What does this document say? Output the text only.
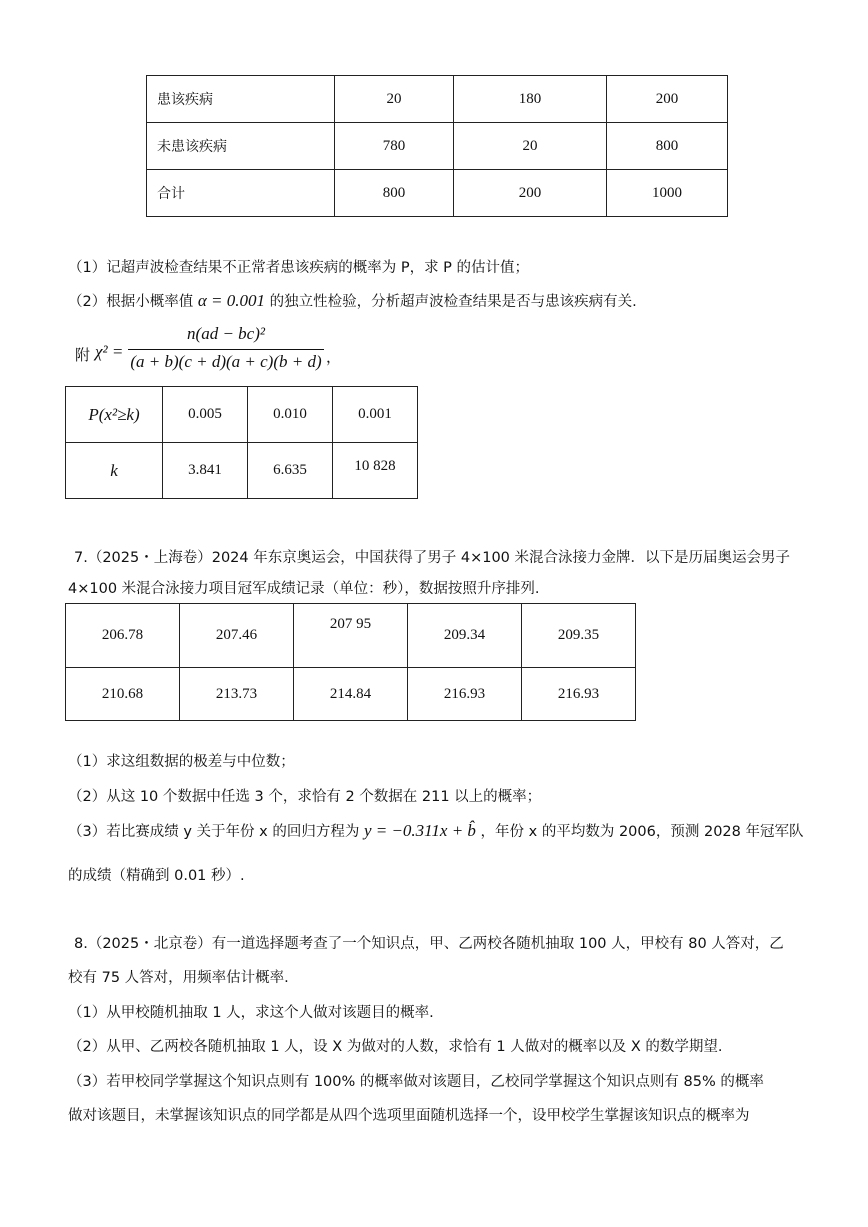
患该疾病	20	180	200
未患该疾病	780	20	800
合计	800	200	1000
（1）记超声波检查结果不正常者患该疾病的概率为 P，求 P 的估计值；
（2）根据小概率值 α = 0.001 的独立性检验，分析超声波检查结果是否与患该疾病有关.
附 χ² =
n(ad − bc)²
(a + b)(c + d)(a + c)(b + d) ，
P(x²≥k)	0.005	0.010	0.001
k	3.841	6.635	10 828
7.（2025・上海卷）2024 年东京奥运会，中国获得了男子 4×100 米混合泳接力金牌．以下是历届奥运会男子
4×100 米混合泳接力项目冠军成绩记录（单位：秒），数据按照升序排列.
206.78	207.46	207 95	209.34	209.35
210.68	213.73	214.84	216.93	216.93
（1）求这组数据的极差与中位数；
（2）从这 10 个数据中任选 3 个，求恰有 2 个数据在 211 以上的概率；
（3）若比赛成绩 y 关于年份 x 的回归方程为 y = −0.311x + b̂ ，年份 x 的平均数为 2006，预测 2028 年冠军队
的成绩（精确到 0.01 秒）.
8.（2025・北京卷）有一道选择题考查了一个知识点，甲、乙两校各随机抽取 100 人，甲校有 80 人答对，乙
校有 75 人答对，用频率估计概率.
（1）从甲校随机抽取 1 人，求这个人做对该题目的概率.
（2）从甲、乙两校各随机抽取 1 人，设 X 为做对的人数，求恰有 1 人做对的概率以及 X 的数学期望.
（3）若甲校同学掌握这个知识点则有 100% 的概率做对该题目，乙校同学掌握这个知识点则有 85% 的概率
做对该题目，未掌握该知识点的同学都是从四个选项里面随机选择一个，设甲校学生掌握该知识点的概率为
